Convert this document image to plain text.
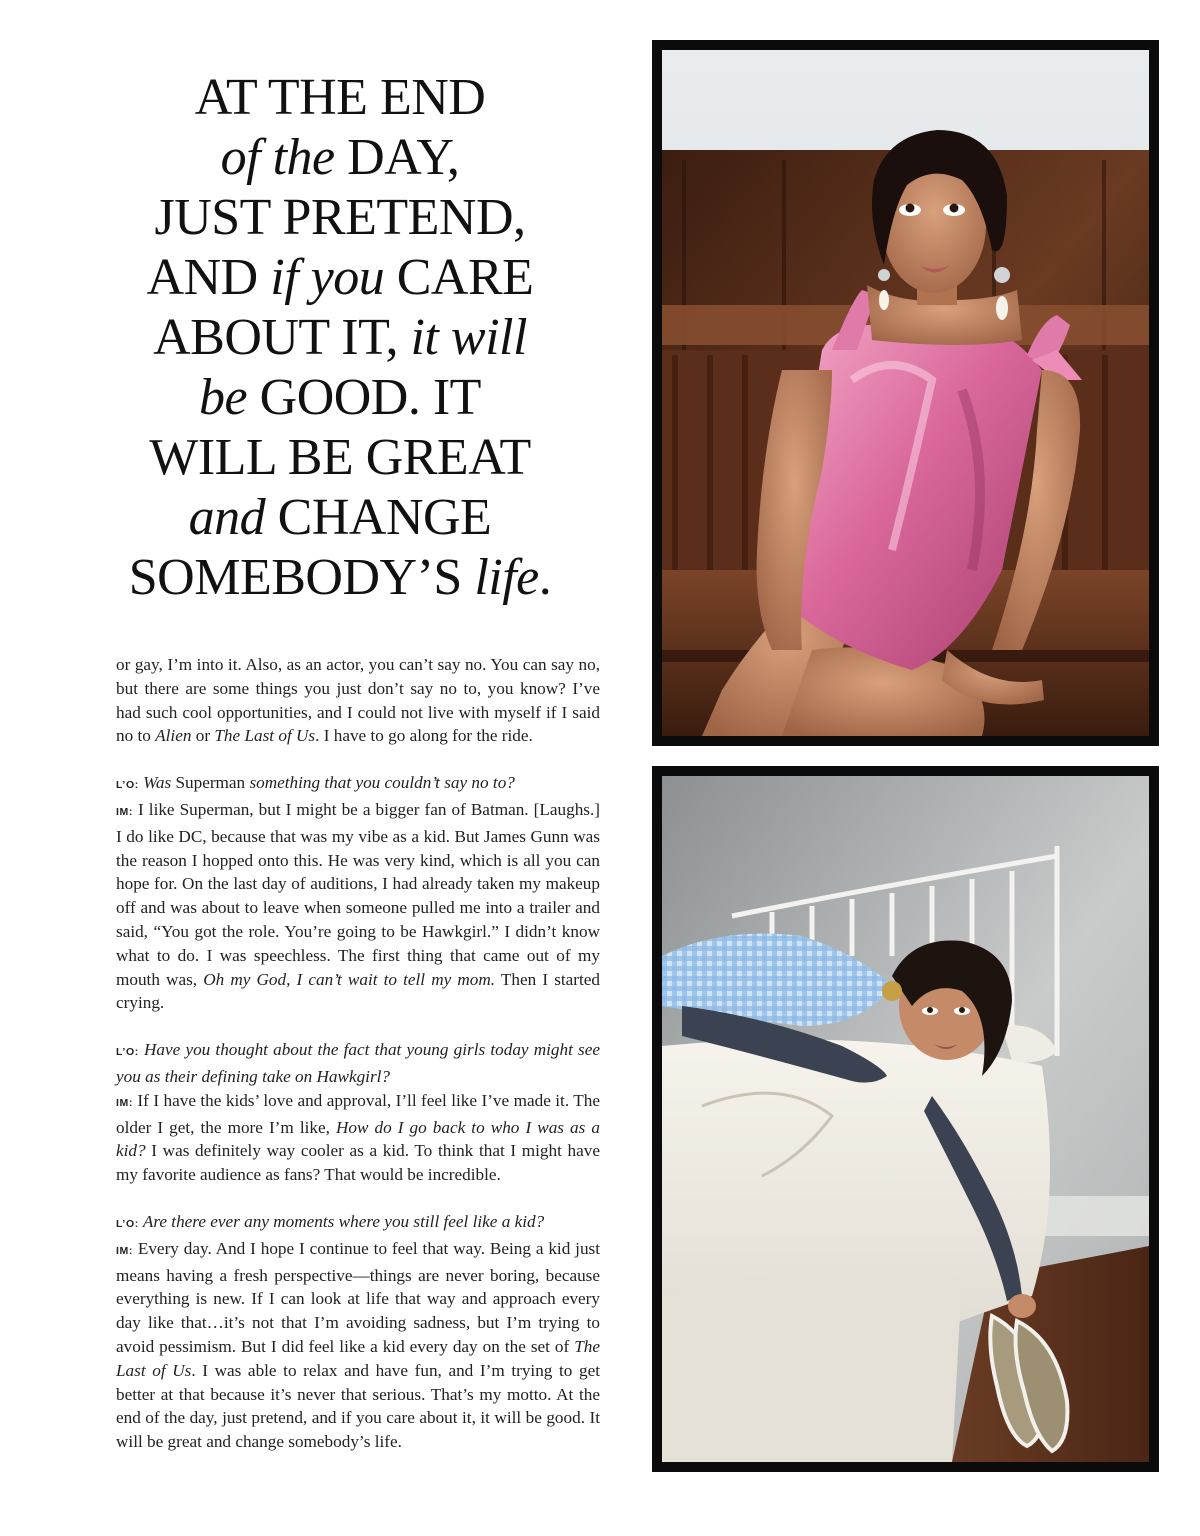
AT THE END
of the DAY,
JUST PRETEND,
AND if you CARE
ABOUT IT, it will
be GOOD. IT
WILL BE GREAT
and CHANGE
SOMEBODY’S life.

or gay, I’m into it. Also, as an actor, you can’t say no. You can say no, but there are some things you just don’t say no to, you know? I’ve had such cool opportunities, and I could not live with myself if I said no to Alien or The Last of Us. I have to go along for the ride.

L’O: Was Superman something that you couldn’t say no to?

IM: I like Superman, but I might be a bigger fan of Batman. [Laughs.] I do like DC, because that was my vibe as a kid. But James Gunn was the reason I hopped onto this. He was very kind, which is all you can hope for. On the last day of auditions, I had already taken my makeup off and was about to leave when someone pulled me into a trailer and said, “You got the role. You’re going to be Hawkgirl.” I didn’t know what to do. I was speechless. The first thing that came out of my mouth was, Oh my God, I can’t wait to tell my mom. Then I started crying.

L’O: Have you thought about the fact that young girls today might see you as their defining take on Hawkgirl?

IM: If I have the kids’ love and approval, I’ll feel like I’ve made it. The older I get, the more I’m like, How do I go back to who I was as a kid? I was definitely way cooler as a kid. To think that I might have my favorite audience as fans? That would be incredible.

L’O: Are there ever any moments where you still feel like a kid?

IM: Every day. And I hope I continue to feel that way. Being a kid just means having a fresh perspective—things are never boring, because everything is new. If I can look at life that way and approach every day like that…it’s not that I’m avoiding sadness, but I’m trying to avoid pessimism. But I did feel like a kid every day on the set of The Last of Us. I was able to relax and have fun, and I’m trying to get better at that because it’s never that serious. That’s my motto. At the end of the day, just pretend, and if you care about it, it will be good. It will be great and change somebody’s life.
